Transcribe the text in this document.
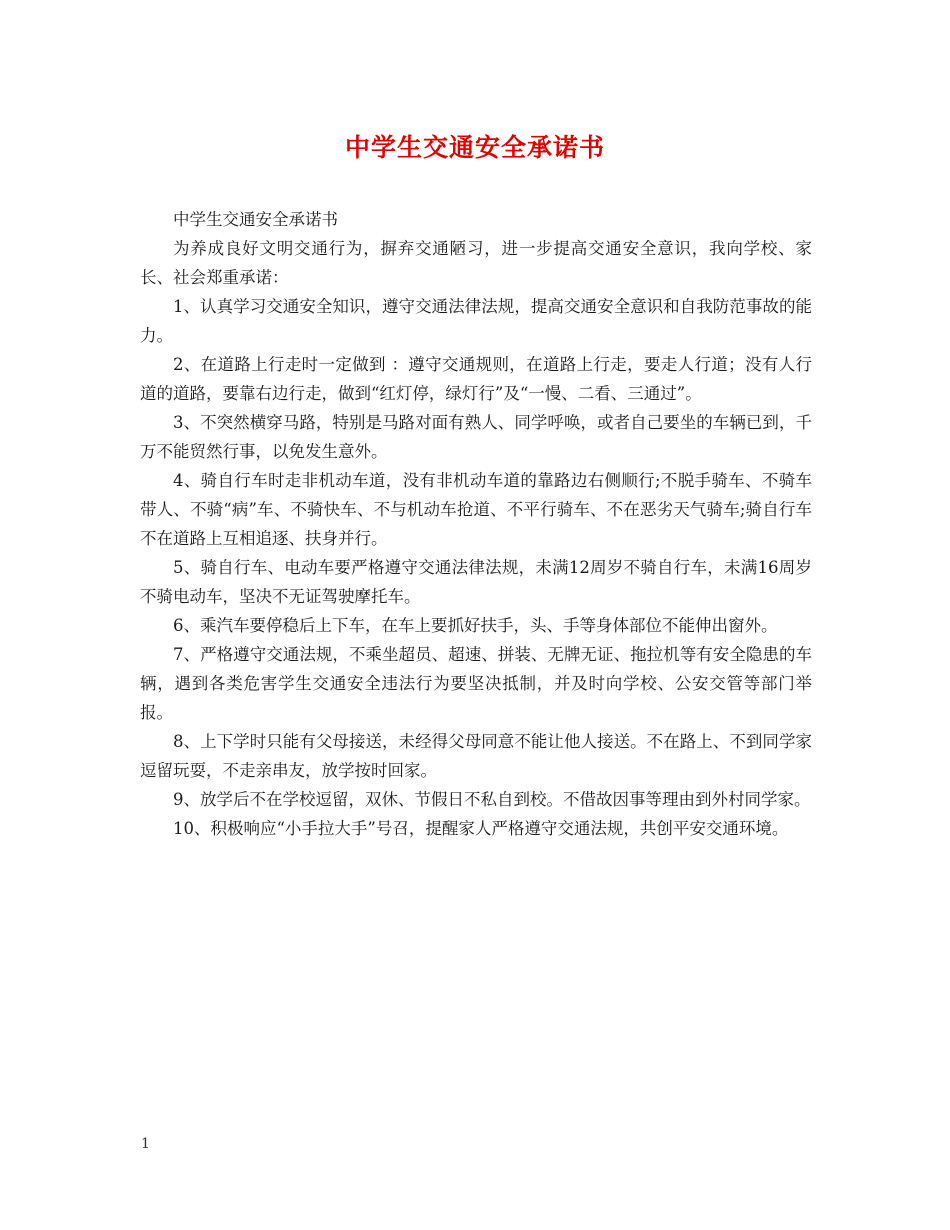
中学生交通安全承诺书

中学生交通安全承诺书

为养成良好文明交通行为，摒弃交通陋习，进一步提高交通安全意识，我向学校、家长、社会郑重承诺：

1、认真学习交通安全知识，遵守交通法律法规，提高交通安全意识和自我防范事故的能力。

2、在道路上行走时一定做到 ：遵守交通规则，在道路上行走，要走人行道；没有人行道的道路，要靠右边行走，做到“红灯停，绿灯行”及“一慢、二看、三通过”。

3、不突然横穿马路，特别是马路对面有熟人、同学呼唤，或者自己要坐的车辆已到，千万不能贸然行事，以免发生意外。

4、骑自行车时走非机动车道，没有非机动车道的靠路边右侧顺行;不脱手骑车、不骑车带人、不骑“病”车、不骑快车、不与机动车抢道、不平行骑车、不在恶劣天气骑车;骑自行车不在道路上互相追逐、扶身并行。

5、骑自行车、电动车要严格遵守交通法律法规，未满12周岁不骑自行车，未满16周岁不骑电动车，坚决不无证驾驶摩托车。

6、乘汽车要停稳后上下车，在车上要抓好扶手，头、手等身体部位不能伸出窗外。

7、严格遵守交通法规，不乘坐超员、超速、拼装、无牌无证、拖拉机等有安全隐患的车辆，遇到各类危害学生交通安全违法行为要坚决抵制，并及时向学校、公安交管等部门举报。

8、上下学时只能有父母接送，未经得父母同意不能让他人接送。不在路上、不到同学家逗留玩耍，不走亲串友，放学按时回家。

9、放学后不在学校逗留，双休、节假日不私自到校。不借故因事等理由到外村同学家。

10、积极响应“小手拉大手”号召，提醒家人严格遵守交通法规，共创平安交通环境。

1
